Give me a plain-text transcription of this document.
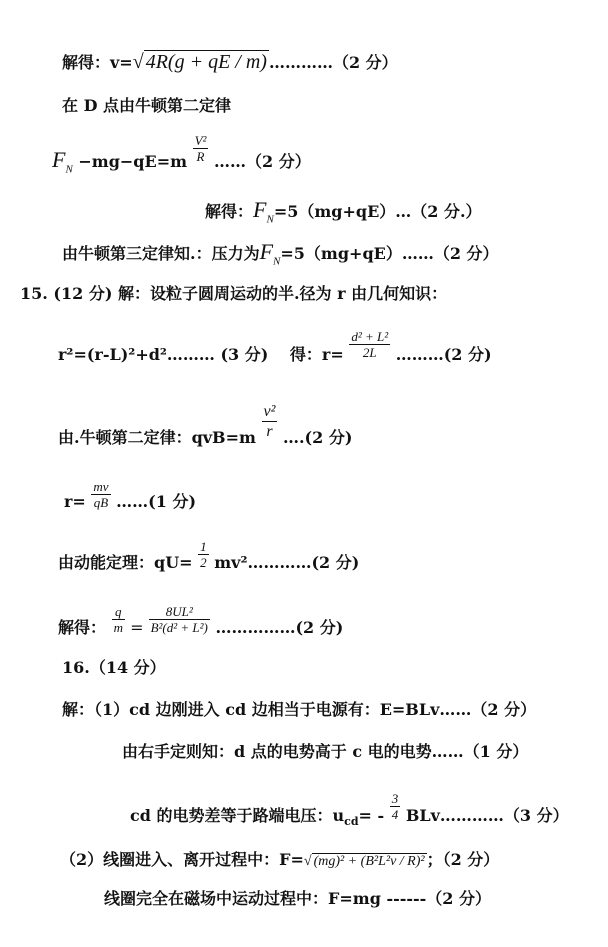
解得：v=√ 4R(g + qE / m) …………（2 分）
在 D 点由牛顿第二定律
$F_N -mg-qE=m \frac{\text{V²}}{R}$ ……（2 分）
解得：$F_N=5(mg+qE)\dots(2$ 分.）
由牛顿第三定律知.：压力为$F_N=5(mg+qE)\dots\dots(2$ 分）
15. (12 分) 解：设粒子圆周运动的半.径为 r 由几何知识：
r²=(r-L)²+d²……… (3 分)　 得：$r= \frac{\text{d² + L²}}{2L}$ ………(2 分)
由.牛顿第二定律：$qvB=m \frac{\text{v²}}{r}$ ….(2 分)
$r= \frac{mv}{qB}$ ……(1 分)
由动能定理：$qU= \frac{1}{2}$ mv²…………(2 分)
解得： $\frac{q}{m} = \frac{\text{8UL²}}{\text{B²(d² + L²)}}$ ……………(2 分)
16.（14 分）
解：（1）cd 边刚进入 cd 边相当于电源有：E=BLv……（2 分）
由右手定则知：d 点的电势高于 c 电的电势……（1 分）
cd 的电势差等于路端电压：$u_{cd}= - \frac{3}{4}$ BLv…………（3 分）
（2）线圈进入、离开过程中：F=√ (mg)² + (B²L²v / R)² ；（2 分）
线圈完全在磁场中运动过程中：F=mg ------（2 分）
